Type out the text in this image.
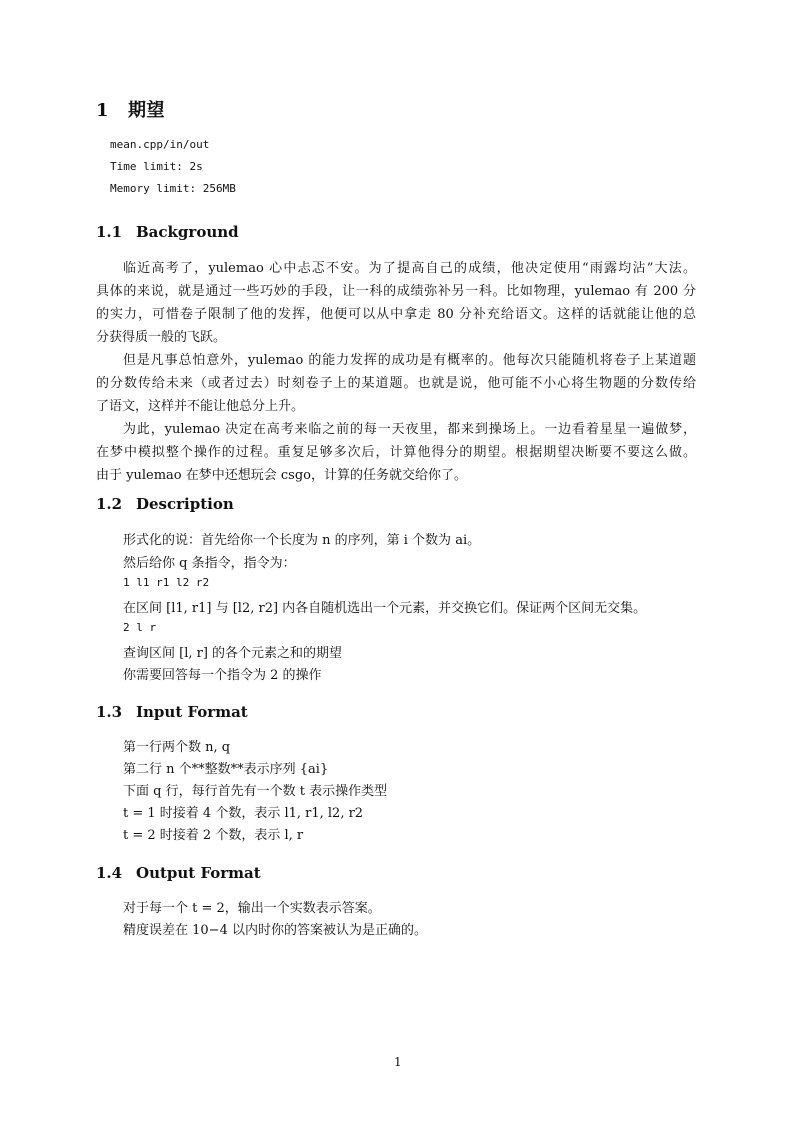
1 期望
mean.cpp/in/out
Time limit: 2s
Memory limit: 256MB
1.1 Background
临近高考了，yulemao 心中忐忑不安。为了提高自己的成绩，他决定使用“雨露均沾”大法。
具体的来说，就是通过一些巧妙的手段，让一科的成绩弥补另一科。比如物理，yulemao 有 200 分
的实力，可惜卷子限制了他的发挥，他便可以从中拿走 80 分补充给语文。这样的话就能让他的总
分获得质一般的飞跃。
但是凡事总怕意外，yulemao 的能力发挥的成功是有概率的。他每次只能随机将卷子上某道题
的分数传给未来（或者过去）时刻卷子上的某道题。也就是说，他可能不小心将生物题的分数传给
了语文，这样并不能让他总分上升。
为此，yulemao 决定在高考来临之前的每一天夜里，都来到操场上。一边看着星星一遍做梦，
在梦中模拟整个操作的过程。重复足够多次后，计算他得分的期望。根据期望决断要不要这么做。
由于 yulemao 在梦中还想玩会 csgo，计算的任务就交给你了。
1.2 Description
形式化的说：首先给你一个长度为 n 的序列，第 i 个数为 ai。
然后给你 q 条指令，指令为：
1 l1 r1 l2 r2
在区间 [l1, r1] 与 [l2, r2] 内各自随机选出一个元素，并交换它们。保证两个区间无交集。
2 l r
查询区间 [l, r] 的各个元素之和的期望
你需要回答每一个指令为 2 的操作
1.3 Input Format
第一行两个数 n, q
第二行 n 个**整数**表示序列 {ai}
下面 q 行，每行首先有一个数 t 表示操作类型
t = 1 时接着 4 个数，表示 l1, r1, l2, r2
t = 2 时接着 2 个数，表示 l, r
1.4 Output Format
对于每一个 t = 2，输出一个实数表示答案。
精度误差在 10−4 以内时你的答案被认为是正确的。
1
